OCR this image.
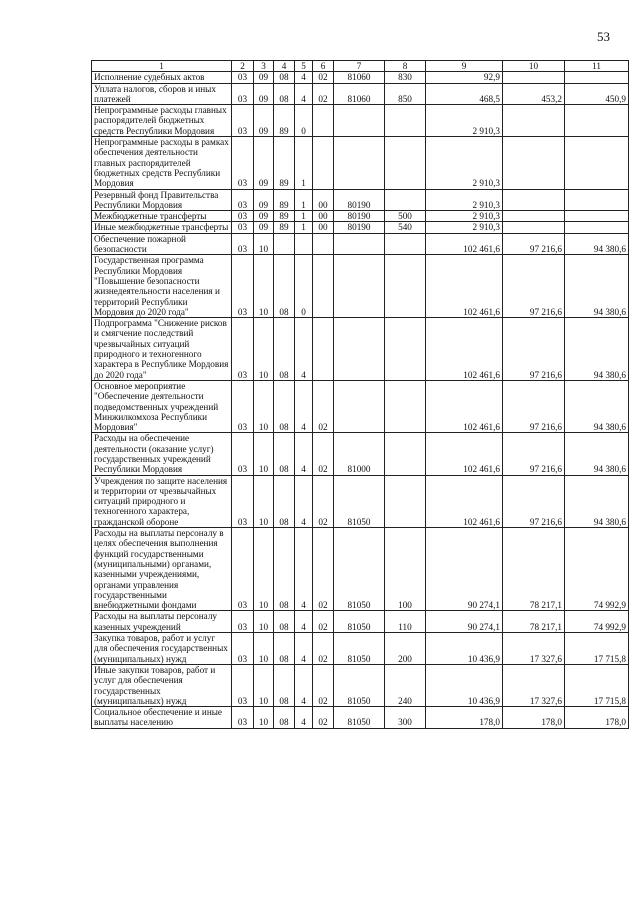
53
1	2	3	4	5	6	7	8	9	10	11
Исполнение судебных актов	03	09	08	4	02	81060	830	92,9		
Уплата налогов, сборов и иных платежей	03	09	08	4	02	81060	850	468,5	453,2	450,9
Непрограммные расходы главных распорядителей бюджетных средств Республики Мордовия	03	09	89	0				2 910,3		
Непрограммные расходы в рамках обеспечения деятельности главных распорядителей бюджетных средств Республики Мордовия	03	09	89	1				2 910,3		
Резервный фонд Правительства Республики Мордовия	03	09	89	1	00	80190		2 910,3		
Межбюджетные трансферты	03	09	89	1	00	80190	500	2 910,3		
Иные межбюджетные трансферты	03	09	89	1	00	80190	540	2 910,3		
Обеспечение пожарной безопасности	03	10						102 461,6	97 216,6	94 380,6
Государственная программа Республики Мордовия "Повышение безопасности жизнедеятельности населения и территорий Республики Мордовия до 2020 года"	03	10	08	0				102 461,6	97 216,6	94 380,6
Подпрограмма "Снижение рисков и смягчение последствий чрезвычайных ситуаций природного и техногенного характера в Республике Мордовия до 2020 года"	03	10	08	4				102 461,6	97 216,6	94 380,6
Основное мероприятие "Обеспечение деятельности подведомственных учреждений Минжилкомхоза Республики Мордовия"	03	10	08	4	02			102 461,6	97 216,6	94 380,6
Расходы на обеспечение деятельности (оказание услуг) государственных учреждений Республики Мордовия	03	10	08	4	02	81000		102 461,6	97 216,6	94 380,6
Учреждения по защите населения и территории от чрезвычайных ситуаций природного и техногенного характера, гражданской обороне	03	10	08	4	02	81050		102 461,6	97 216,6	94 380,6
Расходы на выплаты персоналу в целях обеспечения выполнения функций государственными (муниципальными) органами, казенными учреждениями, органами управления государственными внебюджетными фондами	03	10	08	4	02	81050	100	90 274,1	78 217,1	74 992,9
Расходы на выплаты персоналу казенных учреждений	03	10	08	4	02	81050	110	90 274,1	78 217,1	74 992,9
Закупка товаров, работ и услуг для обеспечения государственных (муниципальных) нужд	03	10	08	4	02	81050	200	10 436,9	17 327,6	17 715,8
Иные закупки товаров, работ и услуг для обеспечения государственных (муниципальных) нужд	03	10	08	4	02	81050	240	10 436,9	17 327,6	17 715,8
Социальное обеспечение и иные выплаты населению	03	10	08	4	02	81050	300	178,0	178,0	178,0
